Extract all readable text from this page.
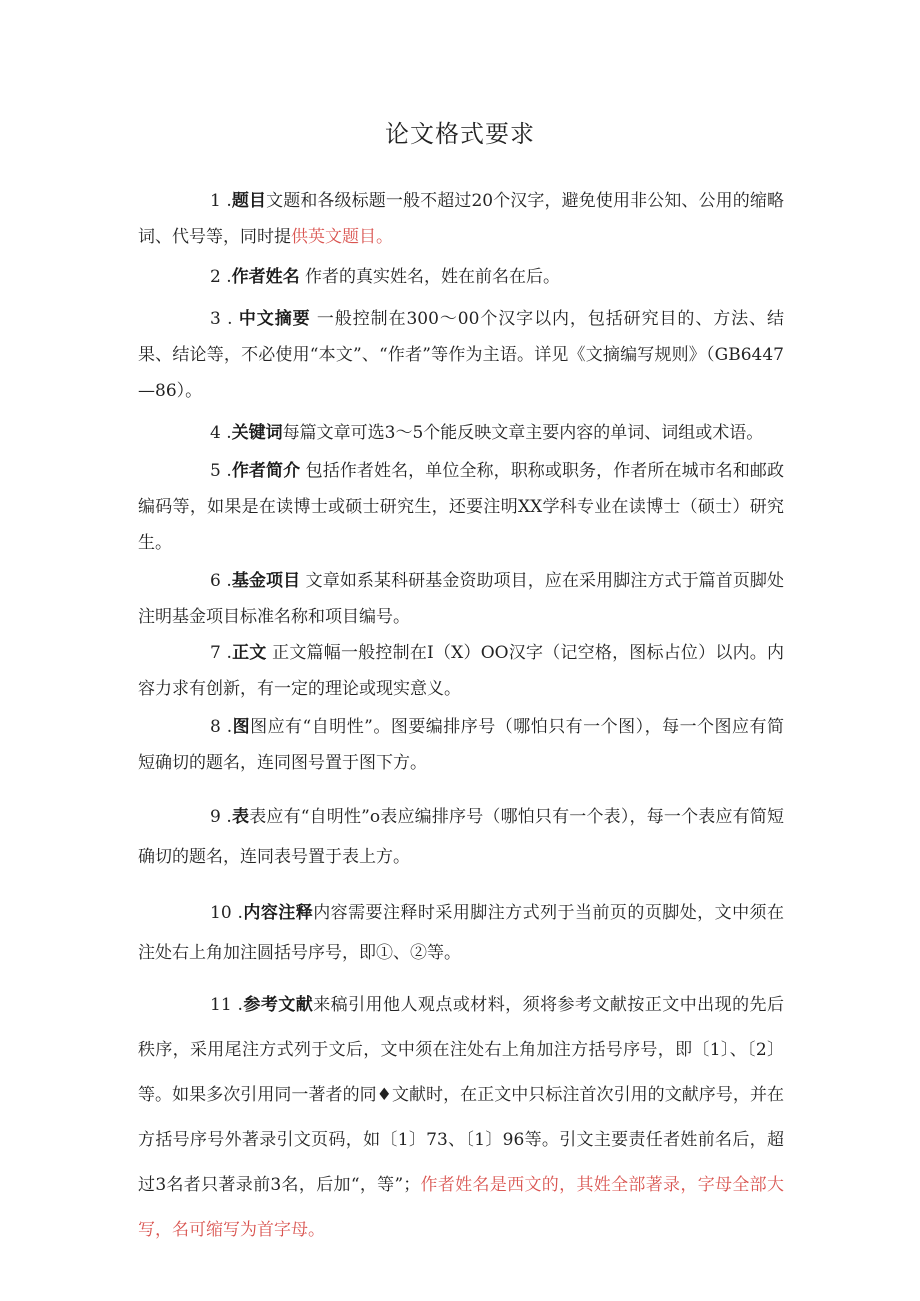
论文格式要求

1 .题目文题和各级标题一般不超过20个汉字，避免使用非公知、公用的缩略词、代号等，同时提供英文题目。

2 .作者姓名 作者的真实姓名，姓在前名在后。

3 . 中文摘要 一般控制在300～00个汉字以内，包括研究目的、方法、结果、结论等，不必使用“本文”、“作者”等作为主语。详见《文摘编写规则》（GB6447—86）。

4 .关键词每篇文章可选3～5个能反映文章主要内容的单词、词组或术语。

5 .作者简介 包括作者姓名，单位全称，职称或职务，作者所在城市名和邮政编码等，如果是在读博士或硕士研究生，还要注明XX学科专业在读博士（硕士）研究生。

6 .基金项目 文章如系某科研基金资助项目，应在采用脚注方式于篇首页脚处注明基金项目标准名称和项目编号。

7 .正文 正文篇幅一般控制在I（X）OO汉字（记空格，图标占位）以内。内容力求有创新，有一定的理论或现实意义。

8 .图图应有“自明性”。图要编排序号（哪怕只有一个图），每一个图应有简短确切的题名，连同图号置于图下方。

9 .表表应有“自明性”o表应编排序号（哪怕只有一个表），每一个表应有简短确切的题名，连同表号置于表上方。

10 .内容注释内容需要注释时采用脚注方式列于当前页的页脚处，文中须在注处右上角加注圆括号序号，即①、②等。

11 .参考文献来稿引用他人观点或材料，须将参考文献按正文中出现的先后秩序，采用尾注方式列于文后，文中须在注处右上角加注方括号序号，即〔1〕、〔2〕等。如果多次引用同一著者的同♦文献时，在正文中只标注首次引用的文献序号，并在方括号序号外著录引文页码，如〔1〕73、〔1〕96等。引文主要责任者姓前名后，超过3名者只著录前3名，后加“，等”；作者姓名是西文的，其姓全部著录，字母全部大写，名可缩写为首字母。
